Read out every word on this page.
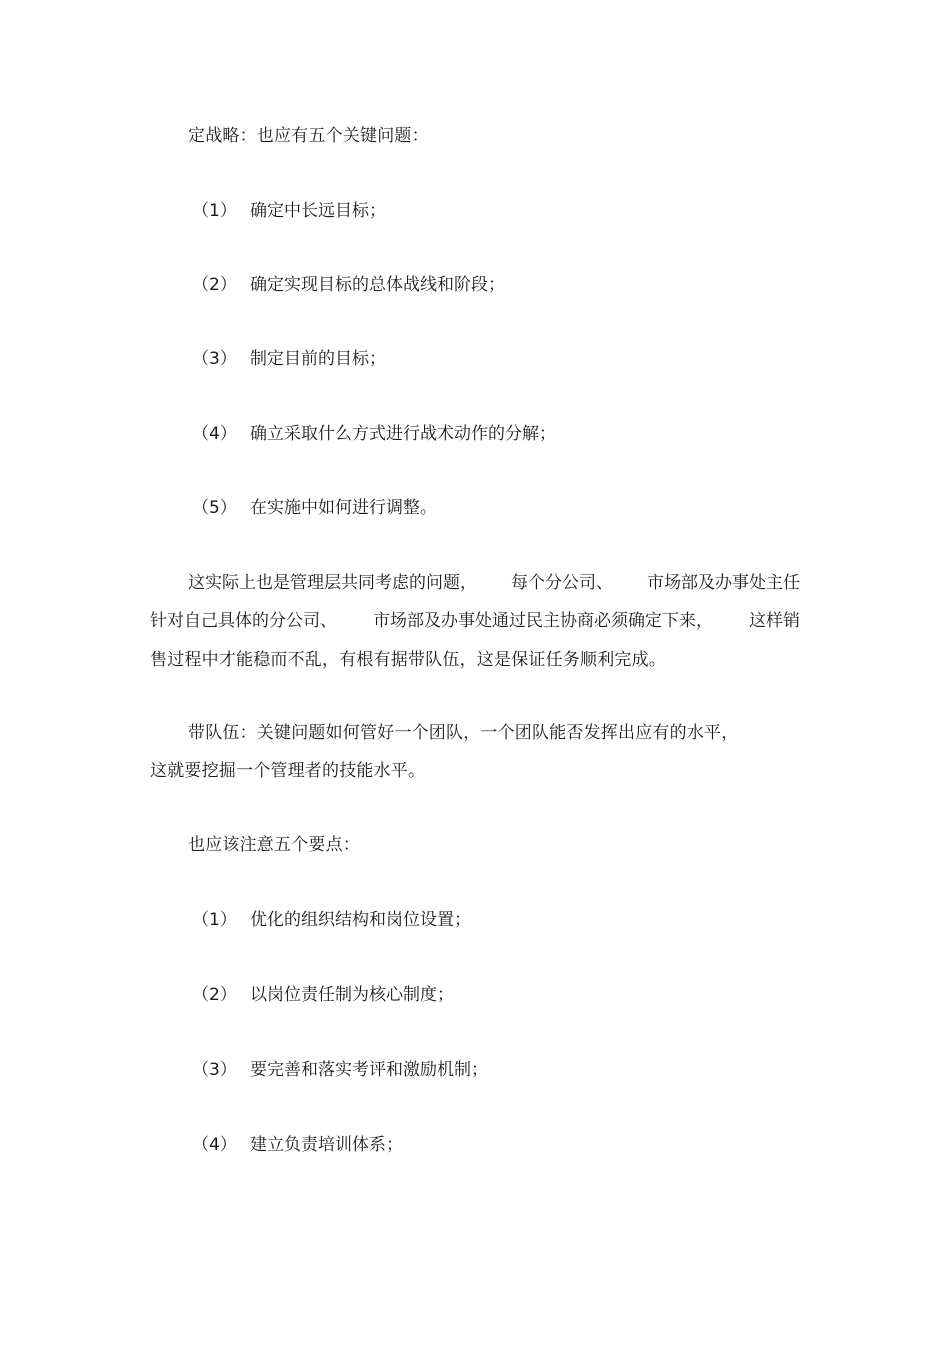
定战略：也应有五个关键问题：
（1） 确定中长远目标；
（2） 确定实现目标的总体战线和阶段；
（3） 制定目前的目标；
（4） 确立采取什么方式进行战术动作的分解；
（5） 在实施中如何进行调整。
这实际上也是管理层共同考虑的问题， 每个分公司、 市场部及办事处主任
针对自己具体的分公司、 市场部及办事处通过民主协商必须确定下来， 这样销
售过程中才能稳而不乱，有根有据带队伍，这是保证任务顺利完成。
带队伍：关键问题如何管好一个团队，一个团队能否发挥出应有的水平，
这就要挖掘一个管理者的技能水平。
也应该注意五个要点：
（1） 优化的组织结构和岗位设置；
（2） 以岗位责任制为核心制度；
（3） 要完善和落实考评和激励机制；
（4） 建立负责培训体系；
